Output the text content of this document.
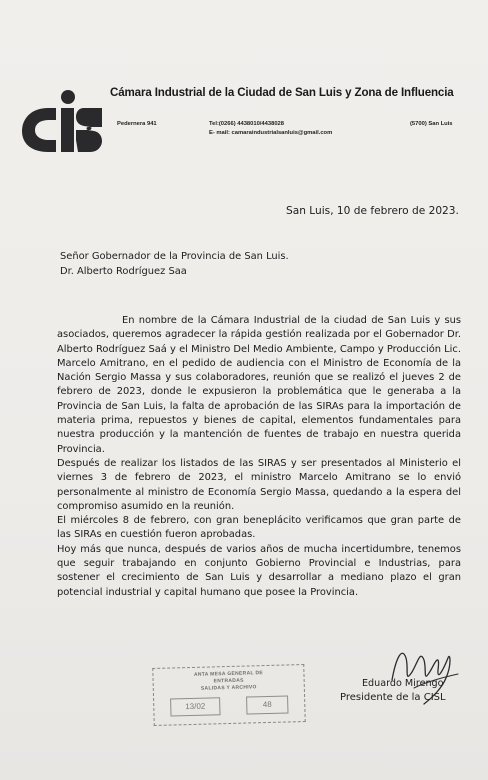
Cámara Industrial de la Ciudad de San Luis y Zona de Influencia
Pedernera 941	Tel:(0266) 4438010/4438028
E- mail: camaraindustrialsanluis@gmail.com
(5700) San Luis
San Luis, 10 de febrero de 2023.
Señor Gobernador de la Provincia de San Luis.
Dr. Alberto Rodríguez Saa

En nombre de la Cámara Industrial de la ciudad de San Luis y sus asociados, queremos agradecer la rápida gestión realizada por el Gobernador Dr. Alberto Rodríguez Saá y el Ministro Del Medio Ambiente, Campo y Producción Lic. Marcelo Amitrano, en el pedido de audiencia con el Ministro de Economía de la Nación Sergio Massa y sus colaboradores, reunión que se realizó el jueves 2 de febrero de 2023, donde le expusieron la problemática que le generaba a la Provincia de San Luis, la falta de aprobación de las SIRAs para la importación de materia prima, repuestos y bienes de capital, elementos fundamentales para nuestra producción y la mantención de fuentes de trabajo en nuestra querida Provincia.

Después de realizar los listados de las SIRAS y ser presentados al Ministerio el viernes 3 de febrero de 2023, el ministro Marcelo Amitrano se lo envió personalmente al ministro de Economía Sergio Massa, quedando a la espera del compromiso asumido en la reunión.

El miércoles 8 de febrero, con gran beneplácito verificamos que gran parte de las SIRAs en cuestión fueron aprobadas.

Hoy más que nunca, después de varios años de mucha incertidumbre, tenemos que seguir trabajando en conjunto Gobierno Provincial e Industrias, para sostener el crecimiento de San Luis y desarrollar a mediano plazo el gran potencial industrial y capital humano que posee la Provincia.

ANTA MESA GENERAL DE
ENTRADAS
SALIDAS Y ARCHIVO
13/02	48
Eduardo Mirengo
Presidente de la CISL
